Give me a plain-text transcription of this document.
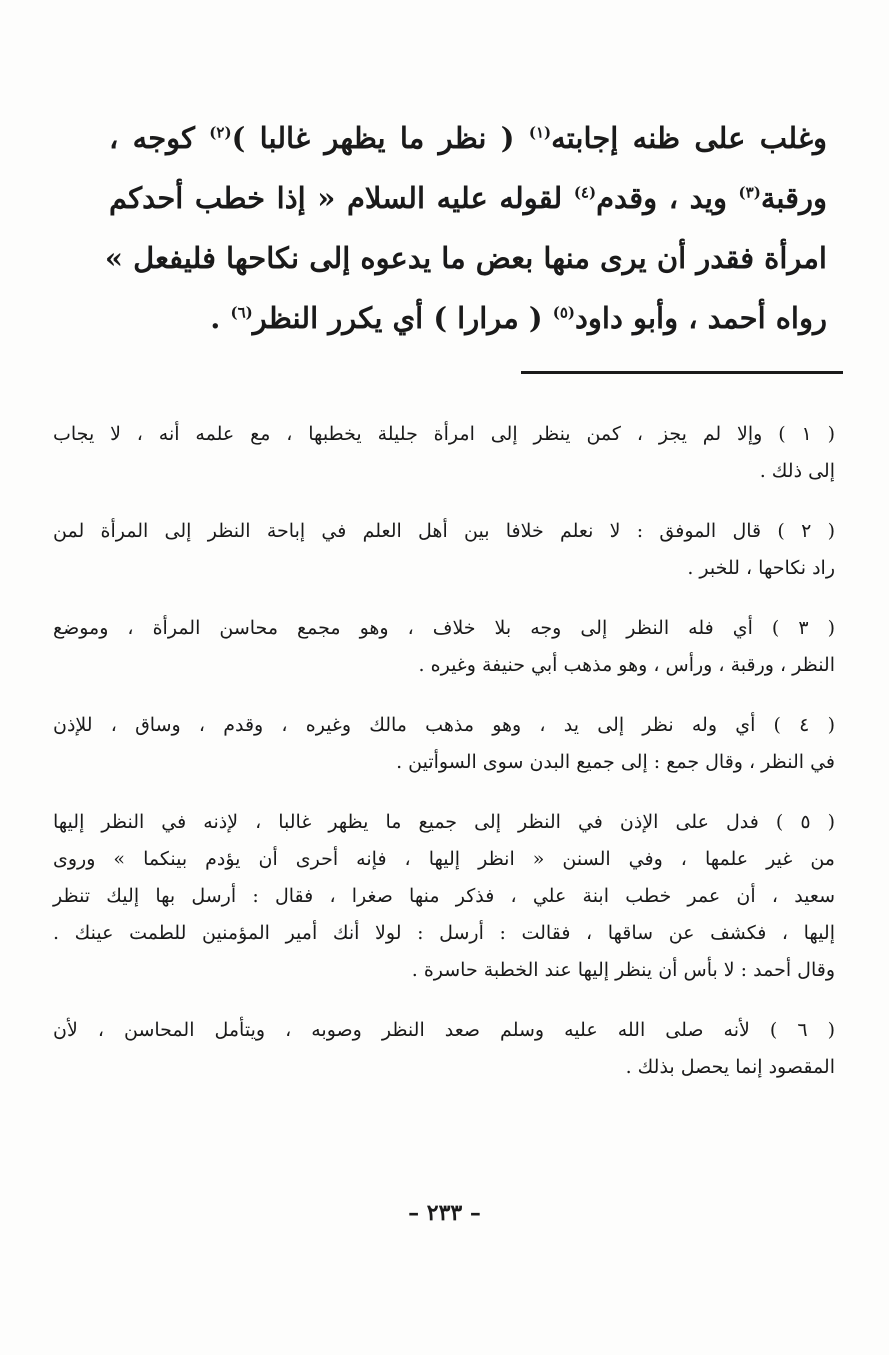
وغلب على ظنه إجابته$^{(١)}$ ( نظر ما يظهر غالبا )$^{(٢)}$ كوجه ،
ورقبة$^{(٣)}$ ويد ، وقدم$^{(٤)}$ لقوله عليه السلام « إذا خطب أحدكم
امرأة فقدر أن يرى منها بعض ما يدعوه إلى نكاحها فليفعل »
رواه أحمد ، وأبو داود$^{(٥)}$ ( مرارا ) أي يكرر النظر$^{(٦)}$ .
( ١ ) وإلا لم يجز ، كمن ينظر إلى امرأة جليلة يخطبها ، مع علمه أنه ، لا يجاب
إلى ذلك .
( ٢ ) قال الموفق : لا نعلم خلافا بين أهل العلم في إباحة النظر إلى المرأة لمن
راد نكاحها ، للخبر .
( ٣ ) أي فله النظر إلى وجه بلا خلاف ، وهو مجمع محاسن المرأة ، وموضع
النظر ، ورقبة ، ورأس ، وهو مذهب أبي حنيفة وغيره .
( ٤ ) أي وله نظر إلى يد ، وهو مذهب مالك وغيره ، وقدم ، وساق ، للإذن
في النظر ، وقال جمع : إلى جميع البدن سوى السوأتين .
( ٥ ) فدل على الإذن في النظر إلى جميع ما يظهر غالبا ، لإذنه في النظر إليها
من غير علمها ، وفي السنن « انظر إليها ، فإنه أحرى أن يؤدم بينكما » وروى
سعيد ، أن عمر خطب ابنة علي ، فذكر منها صغرا ، فقال : أرسل بها إليك تنظر
إليها ، فكشف عن ساقها ، فقالت : أرسل : لولا أنك أمير المؤمنين للطمت عينك .
وقال أحمد : لا بأس أن ينظر إليها عند الخطبة حاسرة .
( ٦ ) لأنه صلى الله عليه وسلم صعد النظر وصوبه ، ويتأمل المحاسن ، لأن
المقصود إنما يحصل بذلك .
– ٢٣٣ –
